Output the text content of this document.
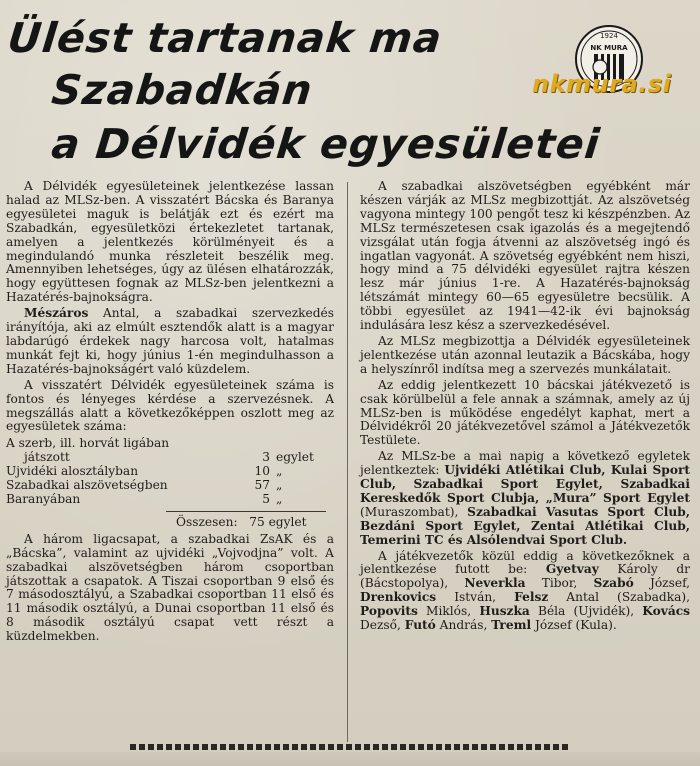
Ülést tartanak ma
Szabadkán
a Délvidék egyesületei
1924
NK MURA
nkmura.si

A Délvidék egyesületeinek jelentkezése lassan halad az MLSz-ben. A visszatért Bácska és Baranya egyesületei maguk is belátják ezt és ezért ma Szabadkán, egyesületközi értekezletet tartanak, amelyen a jelentkezés körülményeit és a megindulandó munka részleteit beszélik meg. Amennyiben lehetséges, úgy az ülésen elhatározzák, hogy együttesen fognak az MLSz-ben jelentkezni a Hazatérés-bajnokságra.

Mészáros Antal, a szabadkai szervezkedés irányítója, aki az elmúlt esztendők alatt is a magyar labdarúgó érdekek nagy harcosa volt, hatalmas munkát fejt ki, hogy június 1-én megindulhasson a Hazatérés-bajnokságért való küzdelem.

A visszatért Délvidék egyesületeinek száma is fontos és lényeges kérdése a szervezésnek. A megszállás alatt a következőképpen oszlott meg az egyesületek száma:

A szerb, ill. horvát ligában
játszott	3	egylet
Ujvidéki alosztályban	10	„
Szabadkai alszövetségben	57	„
Baranyában	5	„
Összesen: 75 egylet

A három ligacsapat, a szabadkai ZsAK és a „Bácska”, valamint az ujvidéki „Vojvodjna” volt. A szabadkai alszövetségben három csoportban játszottak a csapatok. A Tiszai csoportban 9 első és 7 másodosztályú, a Szabadkai csoportban 11 első és 11 második osztályú, a Dunai csoportban 11 első és 8 második osztályú csapat vett részt a küzdelmekben.

A szabadkai alszövetségben egyébként már készen várják az MLSz megbizottját. Az alszövetség vagyona mintegy 100 pengőt tesz ki készpénzben. Az MLSz természetesen csak igazolás és a megejtendő vizsgálat után fogja átvenni az alszövetség ingó és ingatlan vagyonát. A szövetség egyébként nem hiszi, hogy mind a 75 délvidéki egyesület rajtra készen lesz már június 1-re. A Hazatérés-bajnokság létszámát mintegy 60—65 egyesületre becsülik. A többi egyesület az 1941—42-ik évi bajnokság indulására lesz kész a szervezkedésével.

Az MLSz megbizottja a Délvidék egyesületeinek jelentkezése után azonnal leutazik a Bácskába, hogy a helyszínről indítsa meg a szervezés munkálatait.

Az eddig jelentkezett 10 bácskai játékvezető is csak körülbelül a fele annak a számnak, amely az új MLSz-ben is működése engedélyt kaphat, mert a Délvidékről 20 játékvezetővel számol a Játékvezetők Testülete.

Az MLSz-be a mai napig a következő egyletek jelentkeztek: Ujvidéki Atlétikai Club, Kulai Sport Club, Szabadkai Sport Egylet, Szabadkai Kereskedők Sport Clubja, „Mura” Sport Egylet (Muraszombat), Szabadkai Vasutas Sport Club, Bezdáni Sport Egylet, Zentai Atlétikai Club, Temerini TC és Alsólendvai Sport Club.

A játékvezetők közül eddig a következőknek a jelentkezése futott be: Gyetvay Károly dr (Bácstopolya), Neverkla Tibor, Szabó József, Drenkovics István, Felsz Antal (Szabadka), Popovits Miklós, Huszka Béla (Ujvidék), Kovács Dezső, Futó András, Treml József (Kula).
